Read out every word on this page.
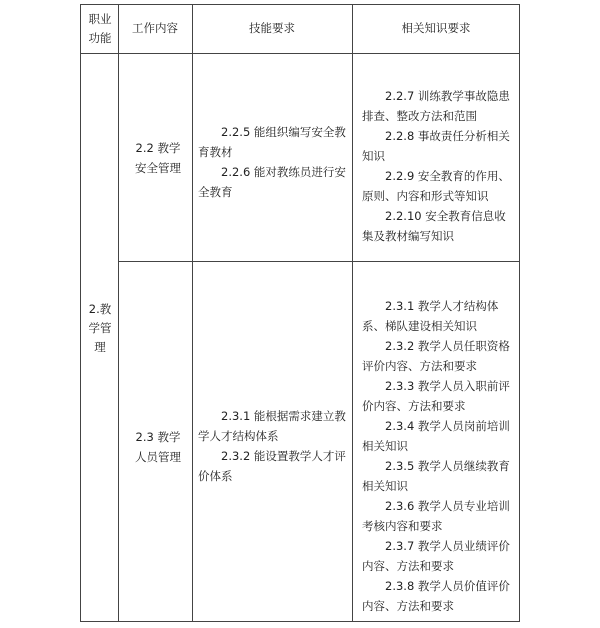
职业功能
工作内容	技能要求	相关知识要求
2.教学管理
2.2 教学安全管理

2.2.5 能组织编写安全教育教材

2.2.6 能对教练员进行安全教育

2.2.7 训练教学事故隐患排查、整改方法和范围

2.2.8 事故责任分析相关知识

2.2.9 安全教育的作用、原则、内容和形式等知识

2.2.10 安全教育信息收集及教材编写知识

2.3 教学人员管理

2.3.1 能根据需求建立教学人才结构体系

2.3.2 能设置教学人才评价体系

2.3.1 教学人才结构体系、梯队建设相关知识

2.3.2 教学人员任职资格评价内容、方法和要求

2.3.3 教学人员入职前评价内容、方法和要求

2.3.4 教学人员岗前培训相关知识

2.3.5 教学人员继续教育相关知识

2.3.6 教学人员专业培训考核内容和要求

2.3.7 教学人员业绩评价内容、方法和要求

2.3.8 教学人员价值评价内容、方法和要求
